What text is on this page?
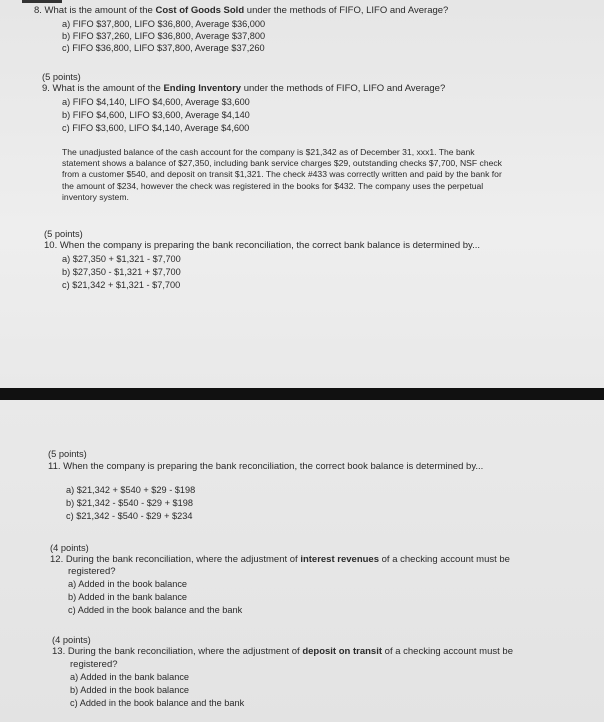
8. What is the amount of the Cost of Goods Sold under the methods of FIFO, LIFO and Average?
a) FIFO $37,800, LIFO $36,800, Average $36,000
b) FIFO $37,260, LIFO $36,800, Average $37,800
c) FIFO $36,800, LIFO $37,800, Average $37,260
(5 points)
9. What is the amount of the Ending Inventory under the methods of FIFO, LIFO and Average?
a) FIFO $4,140, LIFO $4,600, Average $3,600
b) FIFO $4,600, LIFO $3,600, Average $4,140
c) FIFO $3,600, LIFO $4,140, Average $4,600
The unadjusted balance of the cash account for the company is $21,342 as of December 31, xxx1. The bank
statement shows a balance of $27,350, including bank service charges $29, outstanding checks $7,700, NSF check
from a customer $540, and deposit on transit $1,321. The check #433 was correctly written and paid by the bank for
the amount of $234, however the check was registered in the books for $432. The company uses the perpetual
inventory system.
(5 points)
10. When the company is preparing the bank reconciliation, the correct bank balance is determined by...
a) $27,350 + $1,321 - $7,700
b) $27,350 - $1,321 + $7,700
c) $21,342 + $1,321 - $7,700
(5 points)
11. When the company is preparing the bank reconciliation, the correct book balance is determined by...
a) $21,342 + $540 + $29 - $198
b) $21,342 - $540 - $29 + $198
c) $21,342 - $540 - $29 + $234
(4 points)
12. During the bank reconciliation, where the adjustment of interest revenues of a checking account must be
registered?
a) Added in the book balance
b) Added in the bank balance
c) Added in the book balance and the bank
(4 points)
13. During the bank reconciliation, where the adjustment of deposit on transit of a checking account must be
registered?
a) Added in the bank balance
b) Added in the book balance
c) Added in the book balance and the bank
